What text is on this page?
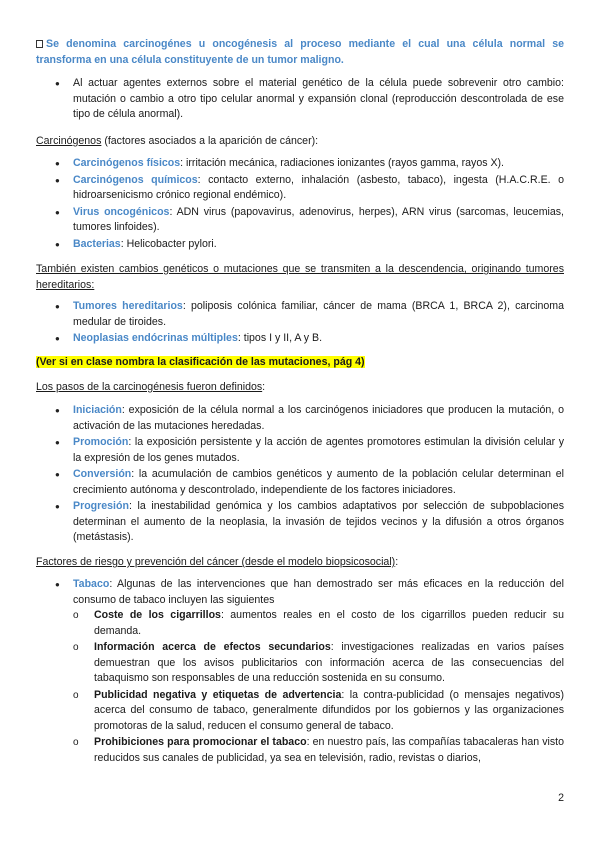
Se denomina carcinogénes u oncogénesis al proceso mediante el cual una célula normal se transforma en una célula constituyente de un tumor maligno.
● Al actuar agentes externos sobre el material genético de la célula puede sobrevenir otro cambio: mutación o cambio a otro tipo celular anormal y expansión clonal (reproducción descontrolada de ese tipo de célula anormal).
Carcinógenos (factores asociados a la aparición de cáncer):
● Carcinógenos físicos: irritación mecánica, radiaciones ionizantes (rayos gamma, rayos X).
● Carcinógenos químicos: contacto externo, inhalación (asbesto, tabaco), ingesta (H.A.C.R.E. o hidroarsenicismo crónico regional endémico).
● Virus oncogénicos: ADN virus (papovavirus, adenovirus, herpes), ARN virus (sarcomas, leucemias, tumores linfoides).
● Bacterias: Helicobacter pylori.
También existen cambios genéticos o mutaciones que se transmiten a la descendencia, originando tumores hereditarios:
● Tumores hereditarios: poliposis colónica familiar, cáncer de mama (BRCA 1, BRCA 2), carcinoma medular de tiroides.
● Neoplasias endócrinas múltiples: tipos I y II, A y B.
(Ver si en clase nombra la clasificación de las mutaciones, pág 4)
Los pasos de la carcinogénesis fueron definidos:
● Iniciación: exposición de la célula normal a los carcinógenos iniciadores que producen la mutación, o activación de las mutaciones heredadas.
● Promoción: la exposición persistente y la acción de agentes promotores estimulan la división celular y la expresión de los genes mutados.
● Conversión: la acumulación de cambios genéticos y aumento de la población celular determinan el crecimiento autónoma y descontrolado, independiente de los factores iniciadores.
● Progresión: la inestabilidad genómica y los cambios adaptativos por selección de subpoblaciones determinan el aumento de la neoplasia, la invasión de tejidos vecinos y la difusión a otros órganos (metástasis).
Factores de riesgo y prevención del cáncer (desde el modelo biopsicosocial):
● Tabaco: Algunas de las intervenciones que han demostrado ser más eficaces en la reducción del consumo de tabaco incluyen las siguientes
o Coste de los cigarrillos: aumentos reales en el costo de los cigarrillos pueden reducir su demanda.
o Información acerca de efectos secundarios: investigaciones realizadas en varios países demuestran que los avisos publicitarios con información acerca de las consecuencias del tabaquismo son responsables de una reducción sostenida en su consumo.
o Publicidad negativa y etiquetas de advertencia: la contra-publicidad (o mensajes negativos) acerca del consumo de tabaco, generalmente difundidos por los gobiernos y las organizaciones promotoras de la salud, reducen el consumo general de tabaco.
o Prohibiciones para promocionar el tabaco: en nuestro país, las compañías tabacaleras han visto reducidos sus canales de publicidad, ya sea en televisión, radio, revistas o diarios,
2
